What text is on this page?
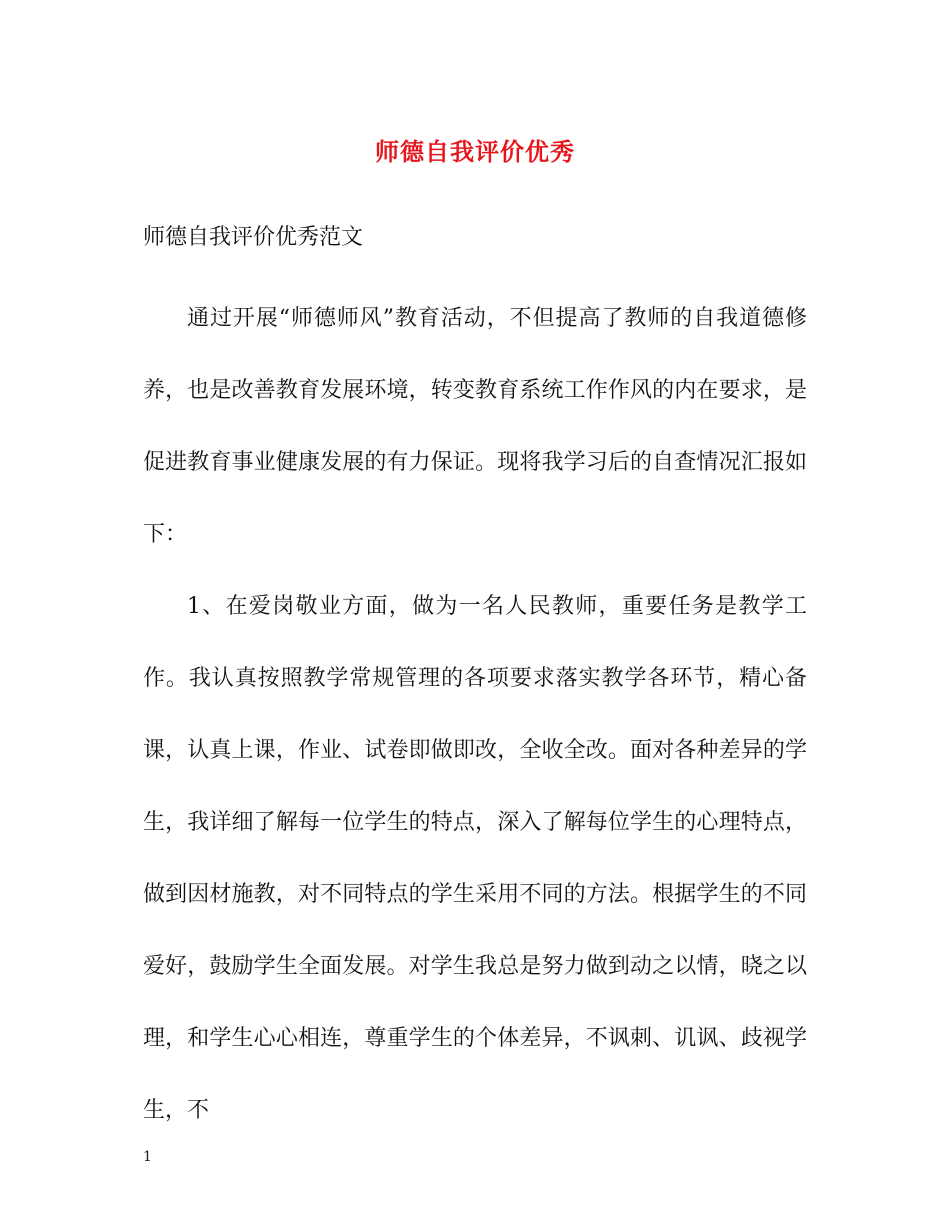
师德自我评价优秀
师德自我评价优秀范文

通过开展“师德师风”教育活动，不但提高了教师的自我道德修养，也是改善教育发展环境，转变教育系统工作作风的内在要求，是促进教育事业健康发展的有力保证。现将我学习后的自查情况汇报如下：

1、在爱岗敬业方面，做为一名人民教师，重要任务是教学工作。我认真按照教学常规管理的各项要求落实教学各环节，精心备课，认真上课，作业、试卷即做即改，全收全改。面对各种差异的学生，我详细了解每一位学生的特点，深入了解每位学生的心理特点，做到因材施教，对不同特点的学生采用不同的方法。根据学生的不同爱好，鼓励学生全面发展。对学生我总是努力做到动之以情，晓之以理，和学生心心相连，尊重学生的个体差异，不讽刺、讥讽、歧视学生，不

1
